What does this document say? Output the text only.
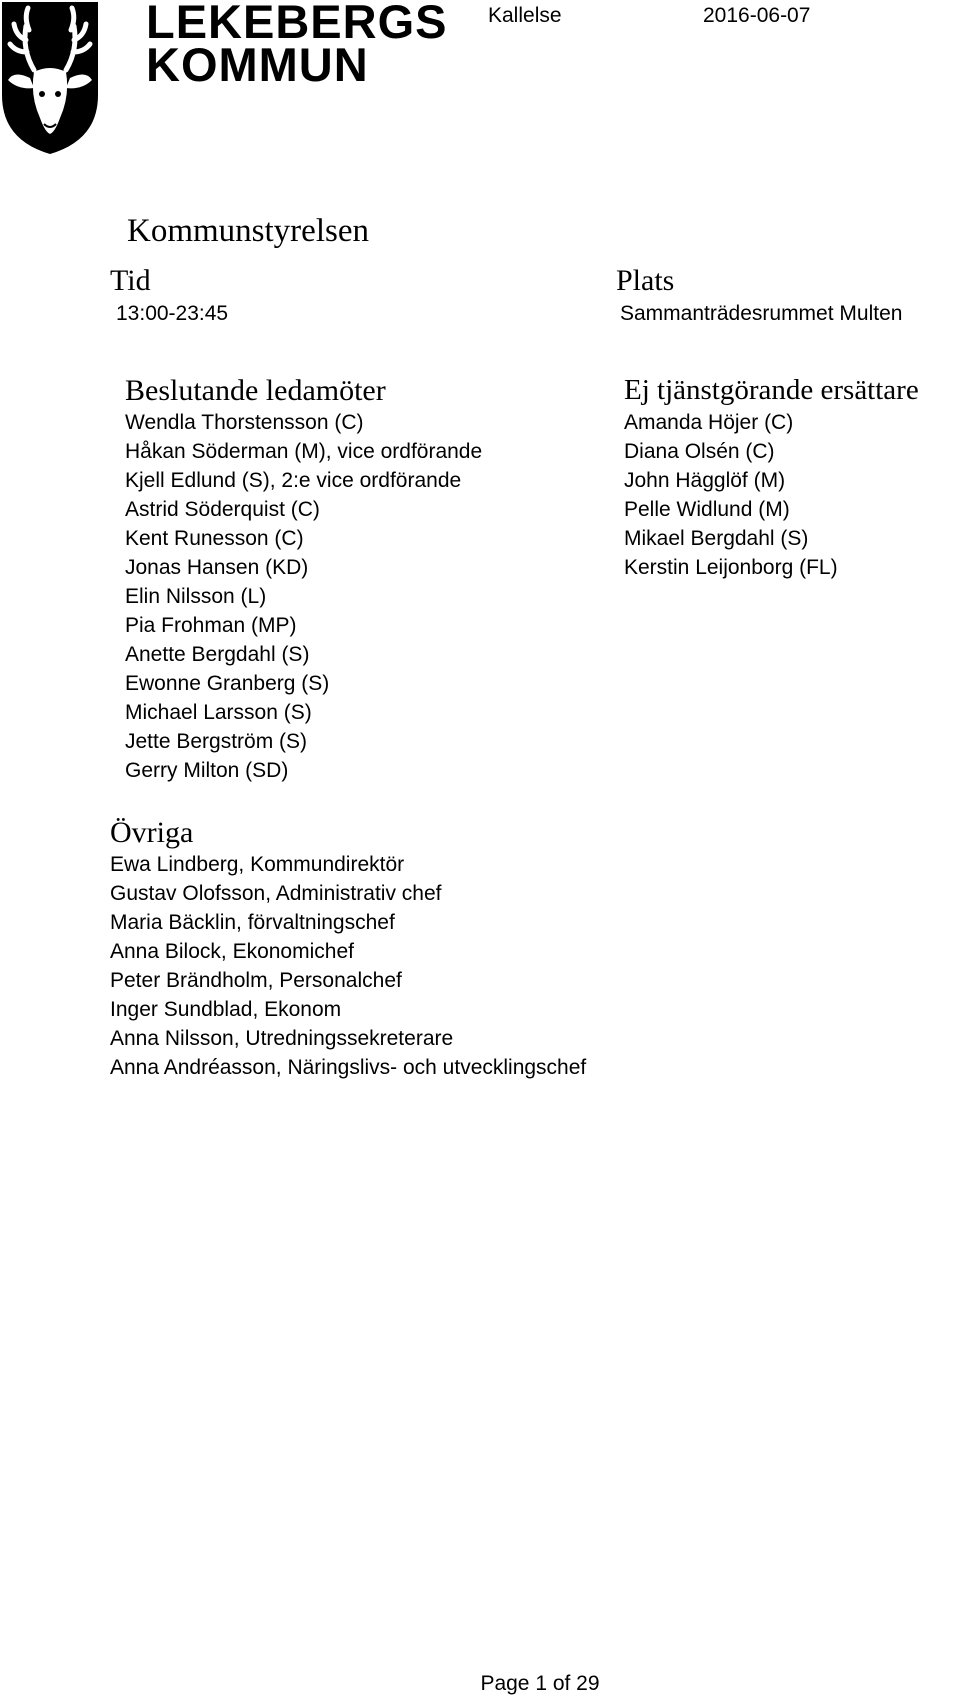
LEKEBERGS
KOMMUN
Kallelse	2016-06-07
Kommunstyrelsen
Tid
13:00-23:45
Plats
Sammanträdesrummet Multen
Beslutande ledamöter
Wendla Thorstensson (C)
Håkan Söderman (M), vice ordförande
Kjell Edlund (S), 2:e vice ordförande
Astrid Söderquist (C)
Kent Runesson (C)
Jonas Hansen (KD)
Elin Nilsson (L)
Pia Frohman (MP)
Anette Bergdahl (S)
Ewonne Granberg (S)
Michael Larsson (S)
Jette Bergström (S)
Gerry Milton (SD)
Ej tjänstgörande ersättare
Amanda Höjer (C)
Diana Olsén (C)
John Hägglöf (M)
Pelle Widlund (M)
Mikael Bergdahl (S)
Kerstin Leijonborg (FL)
Övriga
Ewa Lindberg, Kommundirektör
Gustav Olofsson, Administrativ chef
Maria Bäcklin, förvaltningschef
Anna Bilock, Ekonomichef
Peter Brändholm, Personalchef
Inger Sundblad, Ekonom
Anna Nilsson, Utredningssekreterare
Anna Andréasson, Näringslivs- och utvecklingschef
Page 1 of 29
